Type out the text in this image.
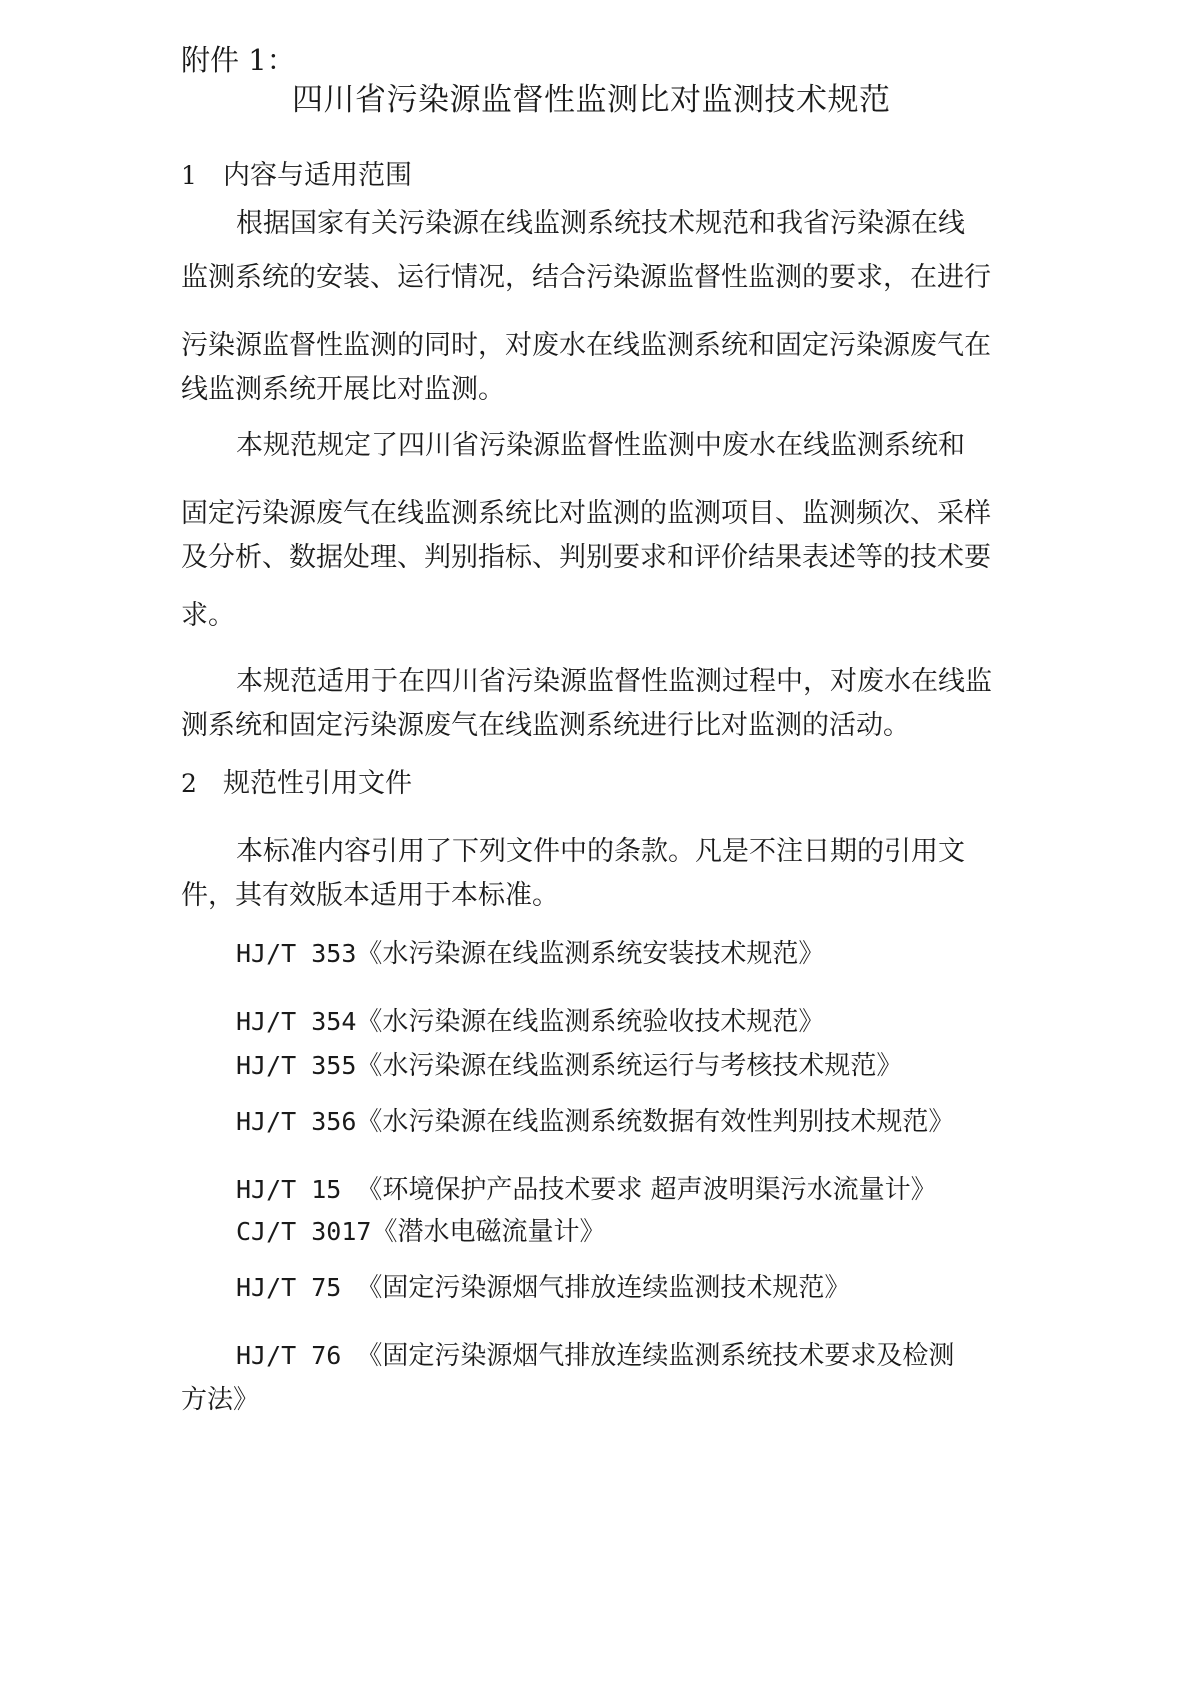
附件 1：
四川省污染源监督性监测比对监测技术规范
1 内容与适用范围
根据国家有关污染源在线监测系统技术规范和我省污染源在线
监测系统的安装、运行情况，结合污染源监督性监测的要求，在进行
污染源监督性监测的同时，对废水在线监测系统和固定污染源废气在
线监测系统开展比对监测。
本规范规定了四川省污染源监督性监测中废水在线监测系统和
固定污染源废气在线监测系统比对监测的监测项目、监测频次、采样
及分析、数据处理、判别指标、判别要求和评价结果表述等的技术要
求。
本规范适用于在四川省污染源监督性监测过程中，对废水在线监
测系统和固定污染源废气在线监测系统进行比对监测的活动。
2 规范性引用文件
本标准内容引用了下列文件中的条款。凡是不注日期的引用文
件，其有效版本适用于本标准。
HJ/T 353《水污染源在线监测系统安装技术规范》
HJ/T 354《水污染源在线监测系统验收技术规范》
HJ/T 355《水污染源在线监测系统运行与考核技术规范》
HJ/T 356《水污染源在线监测系统数据有效性判别技术规范》
HJ/T 15 《环境保护产品技术要求 超声波明渠污水流量计》
CJ/T 3017《潜水电磁流量计》
HJ/T 75 《固定污染源烟气排放连续监测技术规范》
HJ/T 76 《固定污染源烟气排放连续监测系统技术要求及检测
方法》
